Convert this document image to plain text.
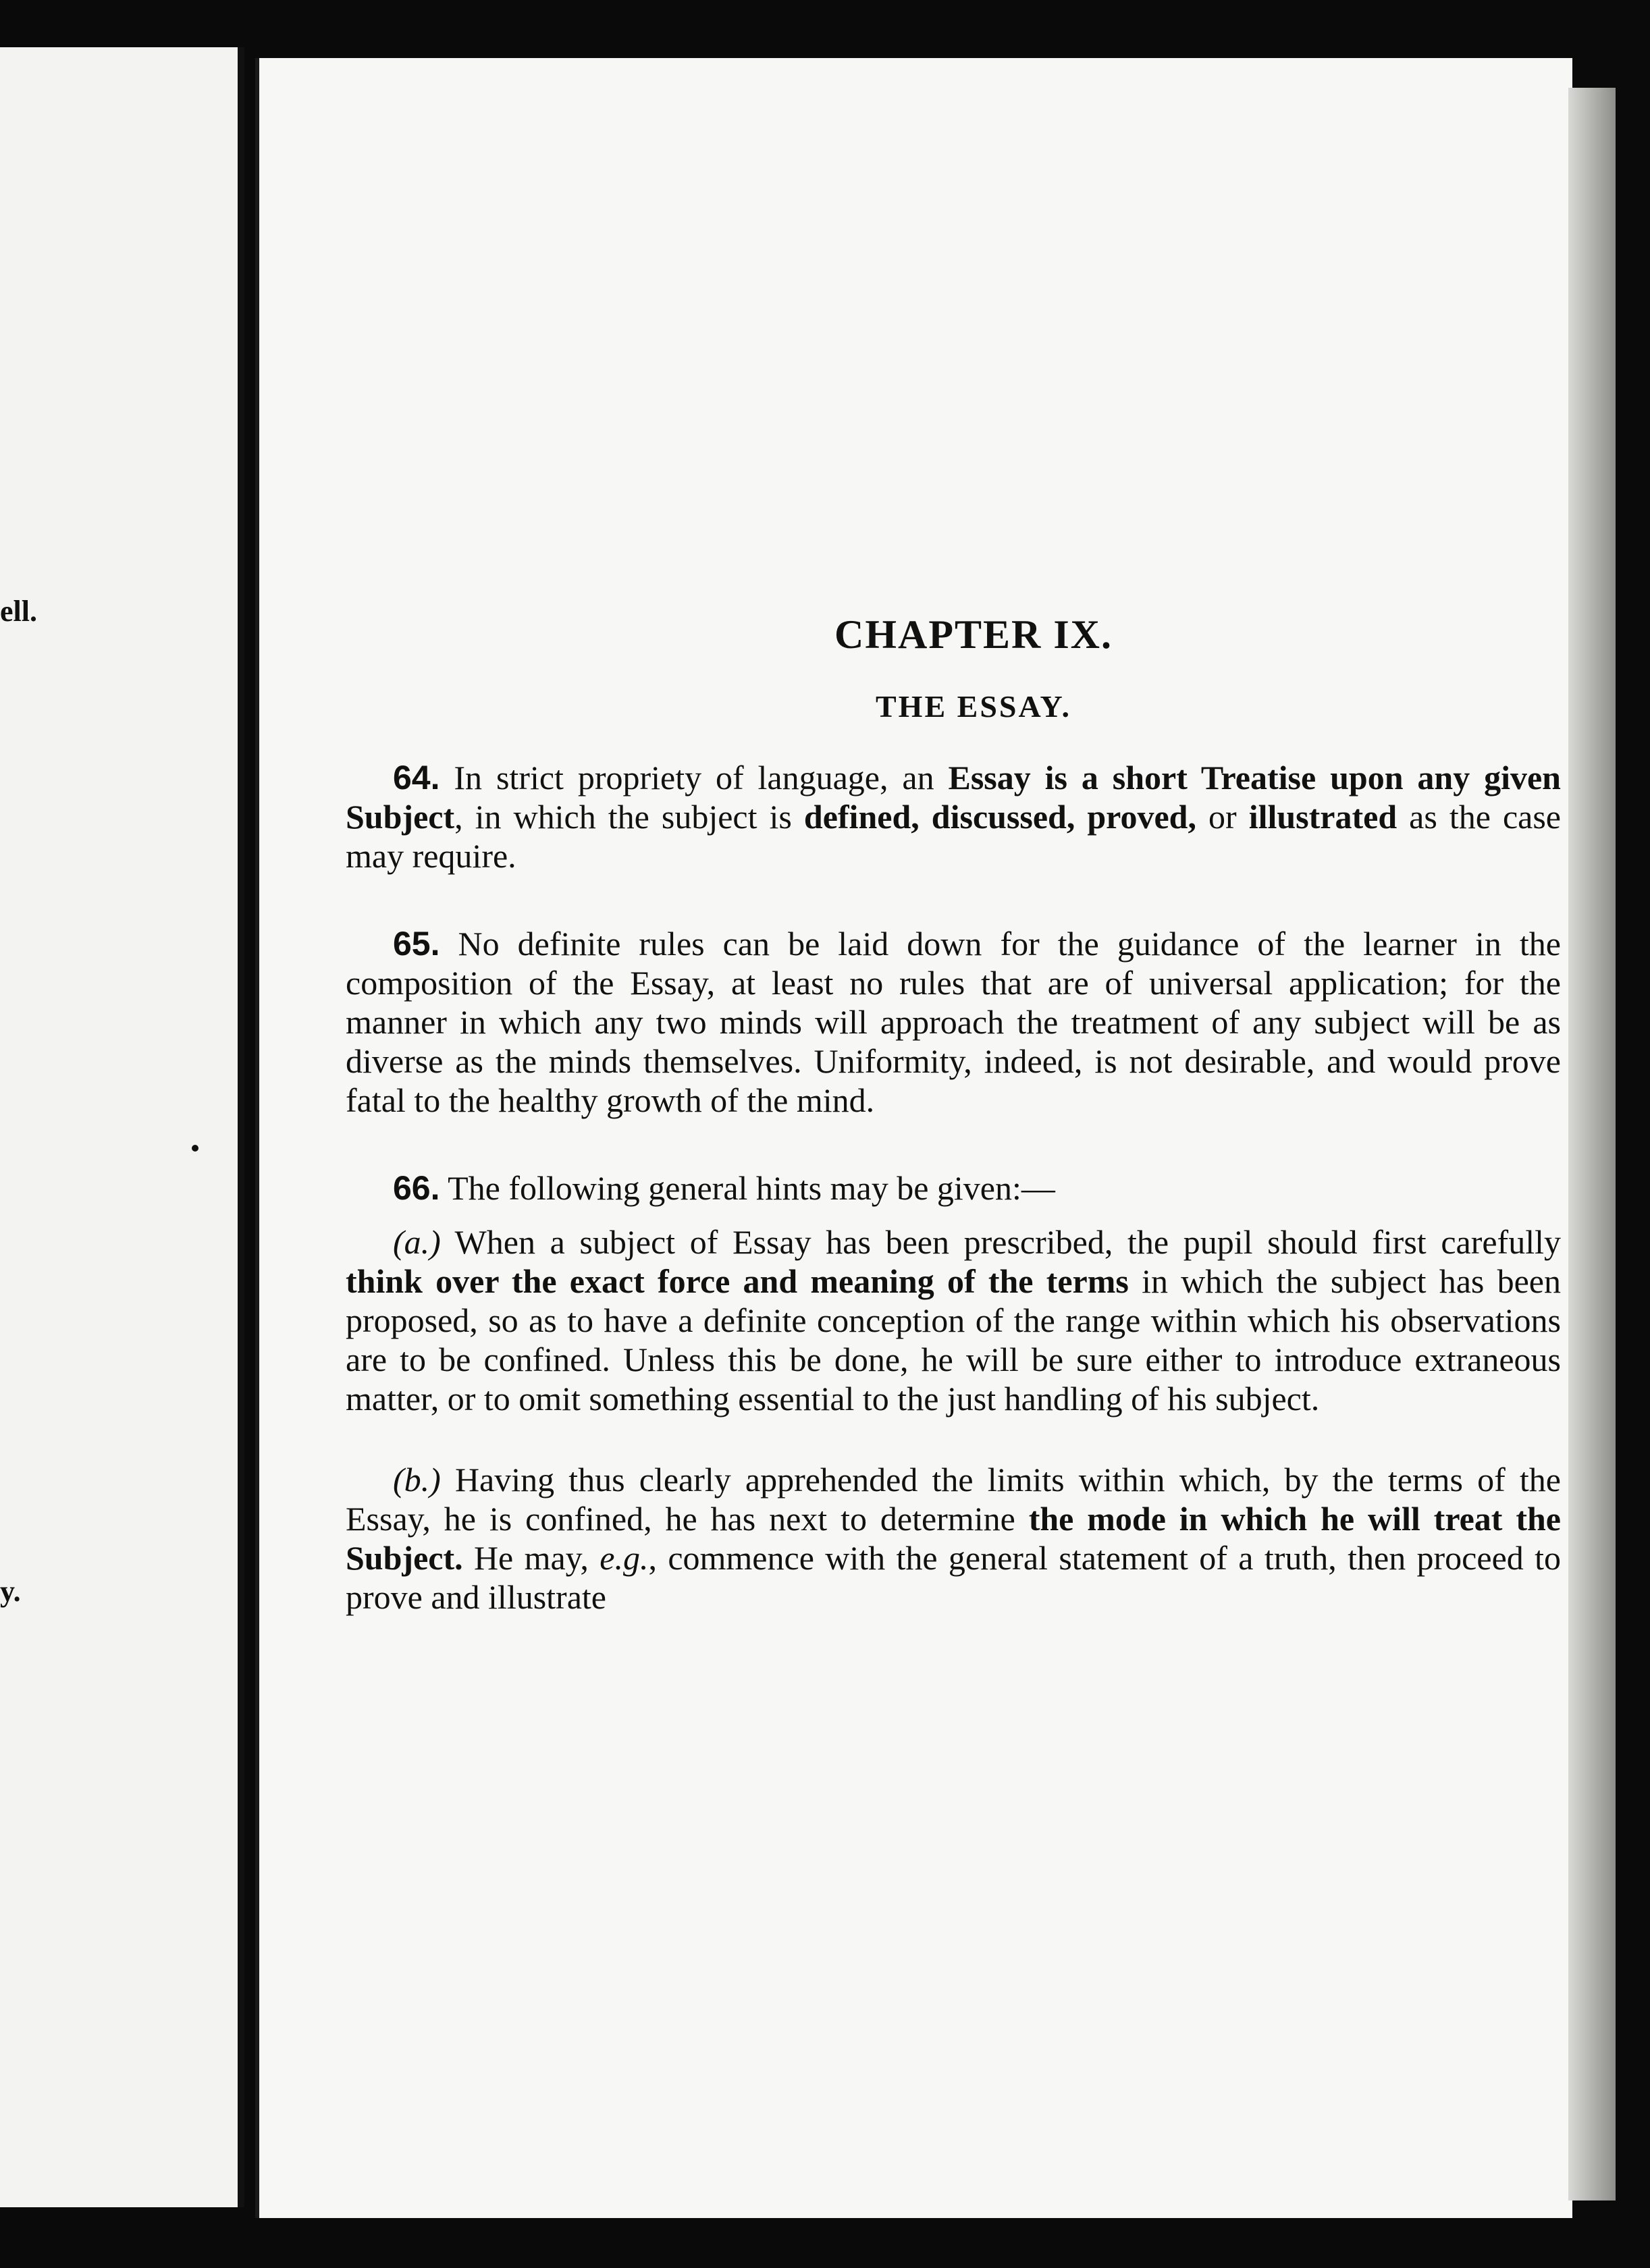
ell.
y.
CHAPTER IX.
THE ESSAY.

64. In strict propriety of language, an Essay is a short Treatise upon any given Subject, in which the subject is defined, discussed, proved, or illustrated as the case may require.

65. No definite rules can be laid down for the guidance of the learner in the composition of the Essay, at least no rules that are of universal application; for the manner in which any two minds will approach the treatment of any subject will be as diverse as the minds themselves. Uniformity, indeed, is not desirable, and would prove fatal to the healthy growth of the mind.

66. The following general hints may be given:—

(a.) When a subject of Essay has been prescribed, the pupil should first carefully think over the exact force and meaning of the terms in which the subject has been proposed, so as to have a definite conception of the range within which his observations are to be confined. Unless this be done, he will be sure either to introduce extraneous matter, or to omit something essential to the just handling of his subject.

(b.) Having thus clearly apprehended the limits within which, by the terms of the Essay, he is confined, he has next to determine the mode in which he will treat the Subject. He may, e.g., commence with the general statement of a truth, then proceed to prove and illustrate
